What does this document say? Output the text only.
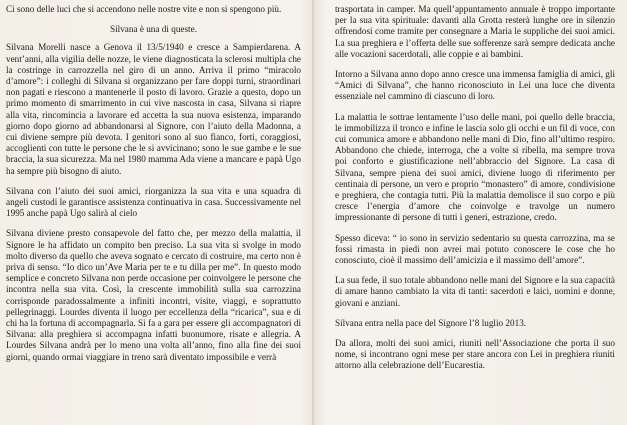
Ci sono delle luci che si accendono nelle nostre vite e non si spengono più.

Silvana è una di queste.

Silvana Morelli nasce a Genova il 13/5/1940 e cresce a Sampierdarena. A vent’anni, alla vigilia delle nozze, le viene diagnosticata la sclerosi multipla che la costringe in carrozzella nel giro di un anno. Arriva il primo “miracolo d’amore”: i colleghi di Silvana si organizzano per fare doppi turni, straordinari non pagati e riescono a mantenerle il posto di lavoro. Grazie a questo, dopo un primo momento di smarrimento in cui vive nascosta in casa, Silvana si riapre alla vita, rincomincia a lavorare ed accetta la sua nuova esistenza, imparando giorno dopo giorno ad abbandonarsi al Signore, con l’aiuto della Madonna, a cui diviene sempre più devota. I genitori sono al suo fianco, forti, coraggiosi, accoglienti con tutte le persone che le si avvicinano; sono le sue gambe e le sue braccia, la sua sicurezza. Ma nel 1980 mamma Ada viene a mancare e papà Ugo ha sempre più bisogno di aiuto.

Silvana con l’aiuto dei suoi amici, riorganizza la sua vita e una squadra di angeli custodi le garantisce assistenza continuativa in casa. Successivamente nel 1995 anche papà Ugo salirà al cielo

Silvana diviene presto consapevole del fatto che, per mezzo della malattia, il Signore le ha affidato un compito ben preciso. La sua vita si svolge in modo molto diverso da quello che aveva sognato e cercato di costruire, ma certo non è priva di senso. “Io dico un’Ave Maria per te e tu dilla per me”. In questo modo semplice e concreto Silvana non perde occasione per coinvolgere le persone che incontra nella sua vita. Così, la crescente immobilità sulla sua carrozzina corrisponde paradossalmente a infiniti incontri, visite, viaggi, e soprattutto pellegrinaggi. Lourdes diventa il luogo per eccellenza della “ricarica”, sua e di chi ha la fortuna di accompagnarla. Si fa a gara per essere gli accompagnatori di Silvana: alla preghiera si accompagna infatti buonumore, risate e allegria. A Lourdes Silvana andrà per lo meno una volta all’anno, fino alla fine dei suoi giorni, quando ormai viaggiare in treno sarà diventato impossibile e verrà

trasportata in camper. Ma quell’appuntamento annuale è troppo importante per la sua vita spirituale: davanti alla Grotta resterà lunghe ore in silenzio offrendosi come tramite per consegnare a Maria le suppliche dei suoi amici. La sua preghiera e l’offerta delle sue sofferenze sarà sempre dedicata anche alle vocazioni sacerdotali, alle coppie e ai bambini.

Intorno a Silvana anno dopo anno cresce una immensa famiglia di amici, gli “Amici di Silvana”, che hanno riconosciuto in Lei una luce che diventa essenziale nel cammino di ciascuno di loro.

La malattia le sottrae lentamente l’uso delle mani, poi quello delle braccia, le immobilizza il tronco e infine le lascia solo gli occhi e un fil di voce, con cui comunica amore e abbandono nelle mani di Dio, fino all’ultimo respiro. Abbandono che chiede, interroga, che a volte si ribella, ma sempre trova poi conforto e giustificazione nell’abbraccio del Signore. La casa di Silvana, sempre piena dei suoi amici, diviene luogo di riferimento per centinaia di persone, un vero e proprio “monastero” di amore, condivisione e preghiera, che contagia tutti. Più la malattia demolisce il suo corpo e più cresce l’energia d’amore che coinvolge e travolge un numero impressionante di persone di tutti i generi, estrazione, credo.

Spesso diceva: “ io sono in servizio sedentario su questa carrozzina, ma se fossi rimasta in piedi non avrei mai potuto conoscere le cose che ho conosciuto, cioè il massimo dell’amicizia e il massimo dell’amore”.

La sua fede, il suo totale abbandono nelle mani del Signore e la sua capacità di amare hanno cambiato la vita di tanti: sacerdoti e laici, uomini e donne, giovani e anziani.

Silvana entra nella pace del Signore l’8 luglio 2013.

Da allora, molti dei suoi amici, riuniti nell’Associazione che porta il suo nome, si incontrano ogni mese per stare ancora con Lei in preghiera riuniti attorno alla celebrazione dell’Eucarestia.
